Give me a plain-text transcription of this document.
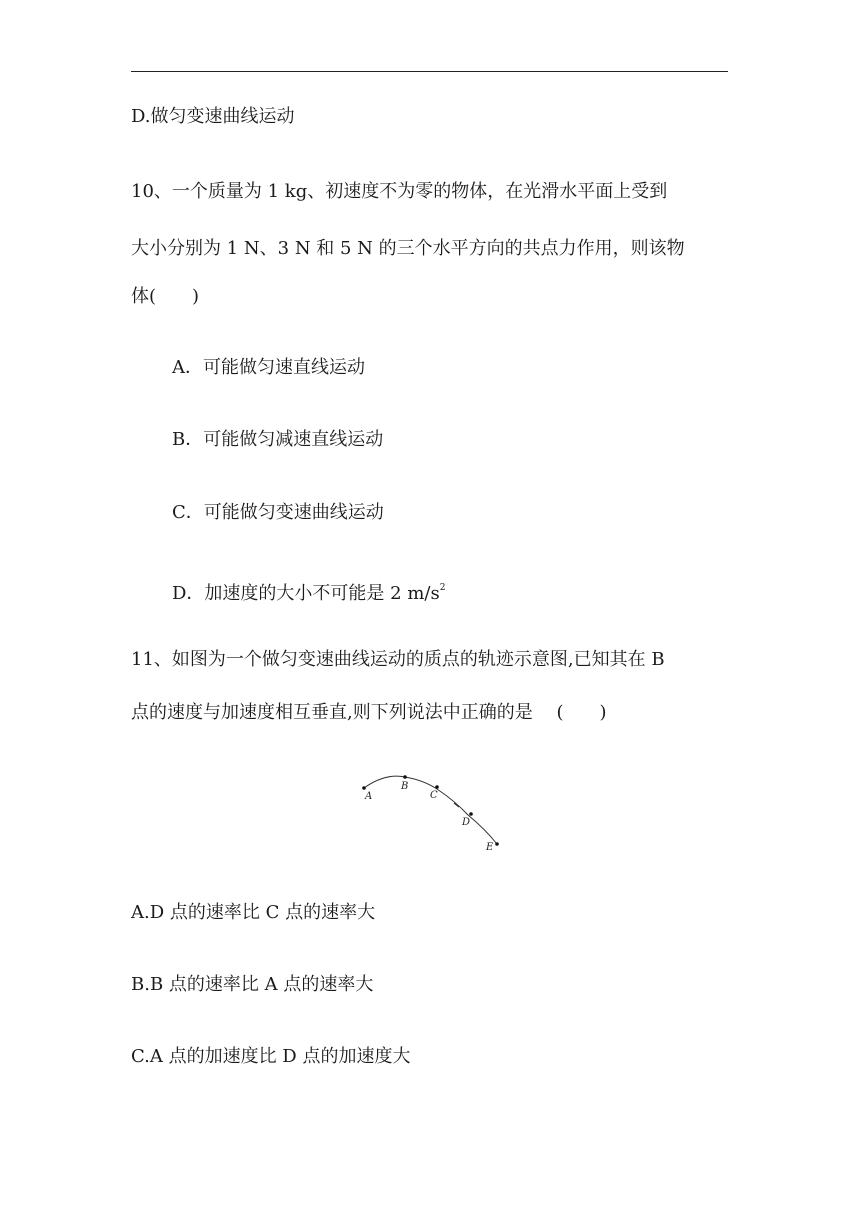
D.做匀变速曲线运动
10、一个质量为 1 kg、初速度不为零的物体，在光滑水平面上受到
大小分别为 1 N、3 N 和 5 N 的三个水平方向的共点力作用，则该物
体(　　)
A．可能做匀速直线运动
B．可能做匀减速直线运动
C．可能做匀变速曲线运动
D．加速度的大小不可能是 2 $m/s^2$
11、如图为一个做匀变速曲线运动的质点的轨迹示意图,已知其在 B
点的速度与加速度相互垂直,则下列说法中正确的是　 (　　)
A
B
C
D
E
A.D 点的速率比 C 点的速率大
B.B 点的速率比 A 点的速率大
C.A 点的加速度比 D 点的加速度大
